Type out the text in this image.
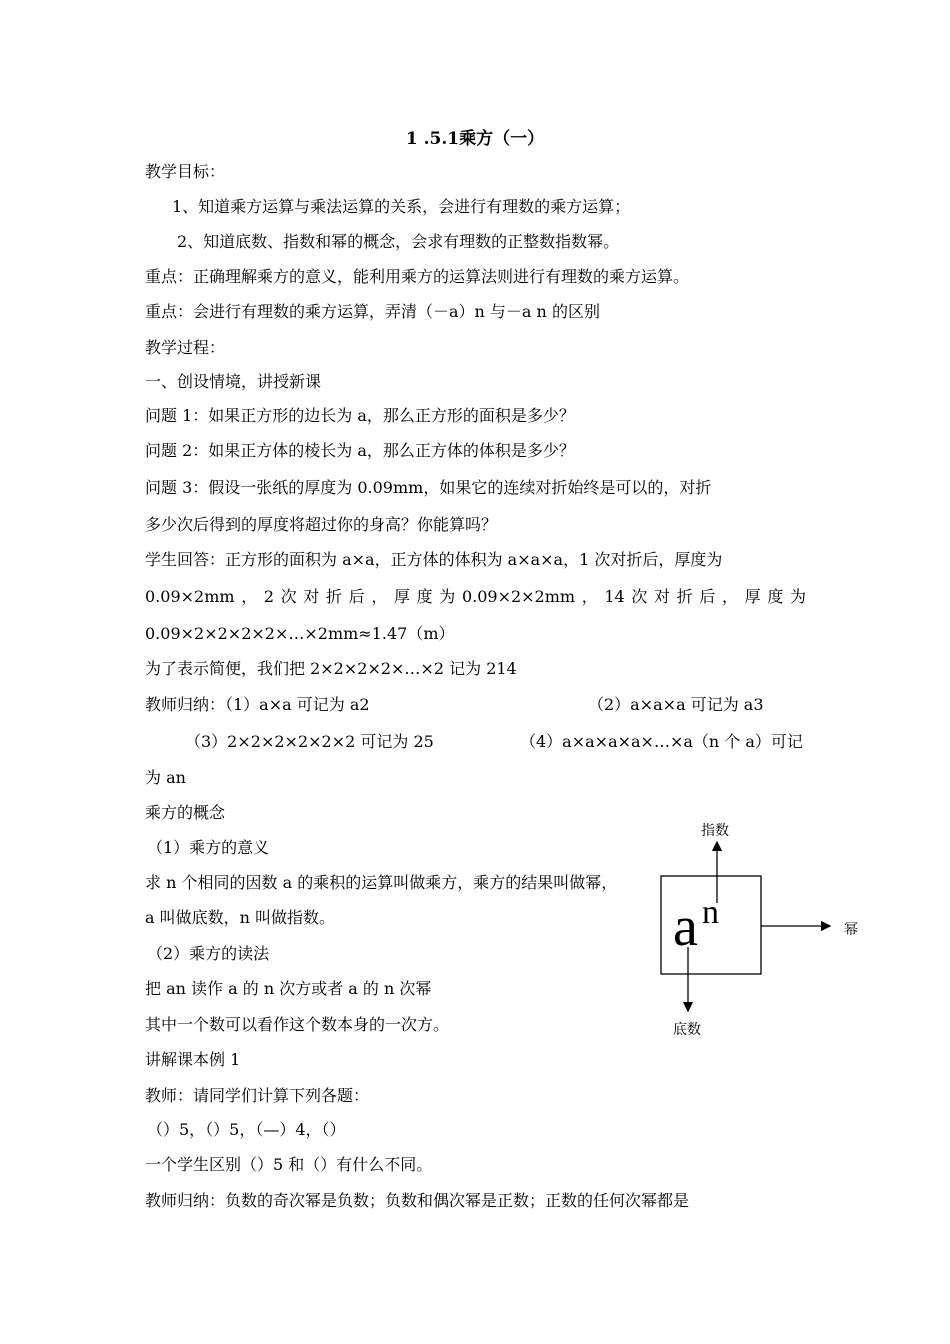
1 .5.1乘方（一）
教学目标：
1、知道乘方运算与乘法运算的关系，会进行有理数的乘方运算；
2、知道底数、指数和幂的概念，会求有理数的正整数指数幂。
重点：正确理解乘方的意义，能利用乘方的运算法则进行有理数的乘方运算。
重点：会进行有理数的乘方运算，弄清（－a）n 与－a n 的区别
教学过程：
一、创设情境，讲授新课
问题 1：如果正方形的边长为 a，那么正方形的面积是多少？
问题 2：如果正方体的棱长为 a，那么正方体的体积是多少？
问题 3：假设一张纸的厚度为 0.09mm，如果它的连续对折始终是可以的，对折
多少次后得到的厚度将超过你的身高？你能算吗？
学生回答：正方形的面积为 a×a，正方体的体积为 a×a×a，1 次对折后，厚度为
0.09×2mm ， 2 次 对 折 后 ， 厚 度 为 0.09×2×2mm ， 14 次 对 折 后 ， 厚 度 为
0.09×2×2×2×2×…×2mm≈1.47（m）
为了表示简便，我们把 2×2×2×2×…×2 记为 214
教师归纳：（1）a×a 可记为 a2	（2）a×a×a 可记为 a3
（3）2×2×2×2×2×2 可记为 25	（4）a×a×a×a×…×a（n 个 a）可记
为 an
乘方的概念
（1）乘方的意义
求 n 个相同的因数 a 的乘积的运算叫做乘方，乘方的结果叫做幂，
a 叫做底数，n 叫做指数。
（2）乘方的读法
把 an 读作 a 的 n 次方或者 a 的 n 次幂
其中一个数可以看作这个数本身的一次方。
讲解课本例 1
教师：请同学们计算下列各题：
（）5，（）5，（—）4，（）
一个学生区别（）5 和（）有什么不同。
教师归纳：负数的奇次幂是负数；负数和偶次幂是正数；正数的任何次幂都是
a n
指数
幂
底数
